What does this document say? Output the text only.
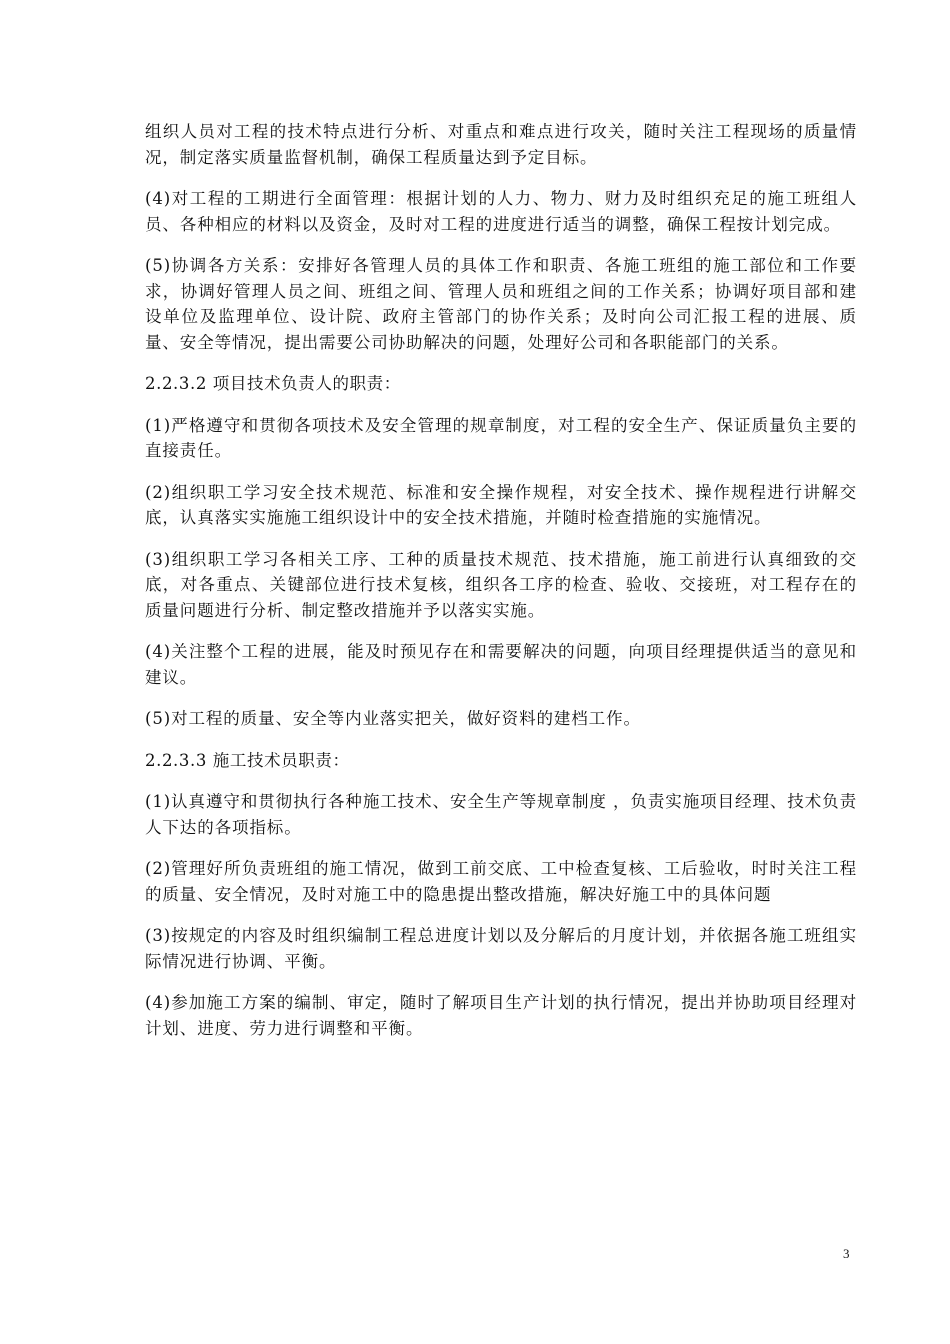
组织人员对工程的技术特点进行分析、对重点和难点进行攻关，随时关注工程现场的质量情况，制定落实质量监督机制，确保工程质量达到予定目标。

(4)对工程的工期进行全面管理：根据计划的人力、物力、财力及时组织充足的施工班组人员、各种相应的材料以及资金，及时对工程的进度进行适当的调整，确保工程按计划完成。

(5)协调各方关系：安排好各管理人员的具体工作和职责、各施工班组的施工部位和工作要求，协调好管理人员之间、班组之间、管理人员和班组之间的工作关系；协调好项目部和建设单位及监理单位、设计院、政府主管部门的协作关系；及时向公司汇报工程的进展、质量、安全等情况，提出需要公司协助解决的问题，处理好公司和各职能部门的关系。

2.2.3.2 项目技术负责人的职责：

(1)严格遵守和贯彻各项技术及安全管理的规章制度，对工程的安全生产、保证质量负主要的直接责任。

(2)组织职工学习安全技术规范、标准和安全操作规程，对安全技术、操作规程进行讲解交底，认真落实实施施工组织设计中的安全技术措施，并随时检查措施的实施情况。

(3)组织职工学习各相关工序、工种的质量技术规范、技术措施，施工前进行认真细致的交底，对各重点、关键部位进行技术复核，组织各工序的检查、验收、交接班，对工程存在的质量问题进行分析、制定整改措施并予以落实实施。

(4)关注整个工程的进展，能及时预见存在和需要解决的问题，向项目经理提供适当的意见和建议。

(5)对工程的质量、安全等内业落实把关，做好资料的建档工作。

2.2.3.3 施工技术员职责：

(1)认真遵守和贯彻执行各种施工技术、安全生产等规章制度 ，负责实施项目经理、技术负责人下达的各项指标。

(2)管理好所负责班组的施工情况，做到工前交底、工中检查复核、工后验收，时时关注工程的质量、安全情况，及时对施工中的隐患提出整改措施，解决好施工中的具体问题

(3)按规定的内容及时组织编制工程总进度计划以及分解后的月度计划，并依据各施工班组实际情况进行协调、平衡。

(4)参加施工方案的编制、审定，随时了解项目生产计划的执行情况，提出并协助项目经理对计划、进度、劳力进行调整和平衡。

3
